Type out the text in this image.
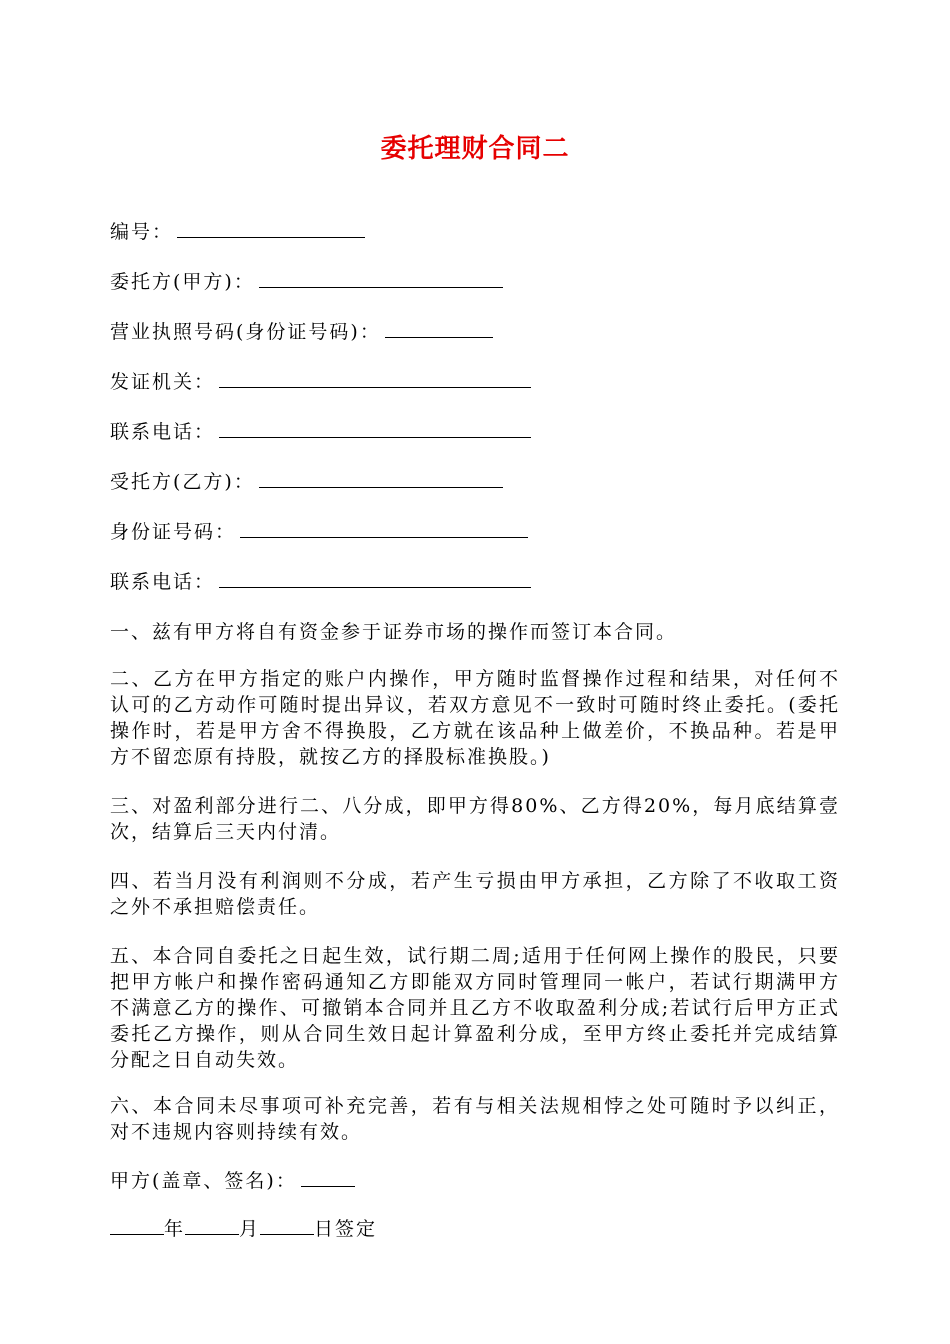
委托理财合同二
编号：
委托方(甲方)：
营业执照号码(身份证号码)：
发证机关：
联系电话：
受托方(乙方)：
身份证号码：
联系电话：
一、兹有甲方将自有资金参于证券市场的操作而签订本合同。
二、乙方在甲方指定的账户内操作，甲方随时监督操作过程和结果，对任何不认可的乙方动作可随时提出异议，若双方意见不一致时可随时终止委托。(委托操作时，若是甲方舍不得换股，乙方就在该品种上做差价，不换品种。若是甲方不留恋原有持股，就按乙方的择股标准换股。)
三、对盈利部分进行二、八分成，即甲方得80%、乙方得20%，每月底结算壹次，结算后三天内付清。
四、若当月没有利润则不分成，若产生亏损由甲方承担，乙方除了不收取工资之外不承担赔偿责任。
五、本合同自委托之日起生效，试行期二周;适用于任何网上操作的股民，只要把甲方帐户和操作密码通知乙方即能双方同时管理同一帐户，若试行期满甲方不满意乙方的操作、可撤销本合同并且乙方不收取盈利分成;若试行后甲方正式委托乙方操作，则从合同生效日起计算盈利分成，至甲方终止委托并完成结算分配之日自动失效。
六、本合同未尽事项可补充完善，若有与相关法规相悖之处可随时予以纠正，对不违规内容则持续有效。
甲方(盖章、签名)：
年	月	日签定
